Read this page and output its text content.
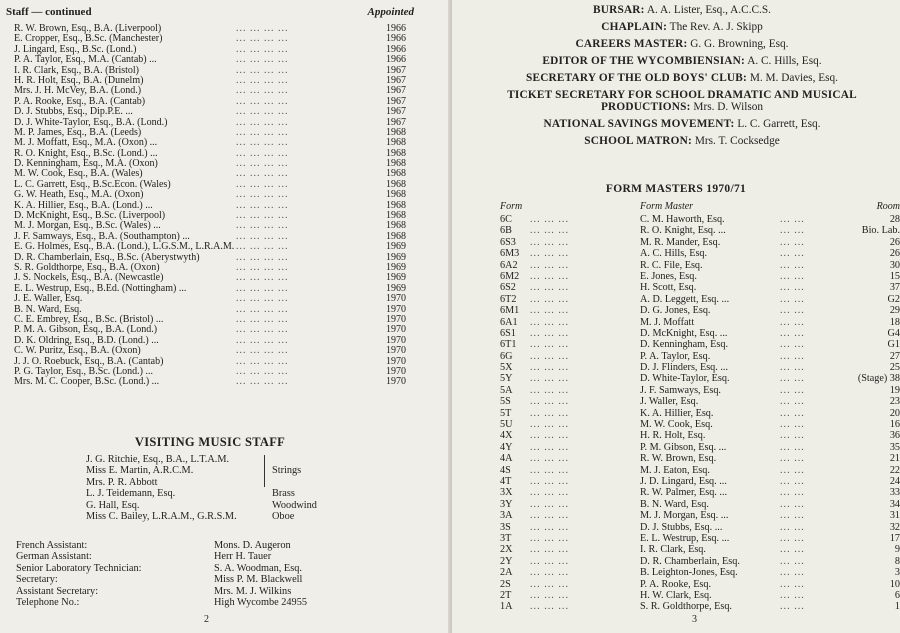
Staff — continued	Appointed
R. W. Brown, Esq., B.A. (Liverpool)	... ... ... ...	1966
E. Cropper, Esq., B.Sc. (Manchester)	... ... ... ...	1966
J. Lingard, Esq., B.Sc. (Lond.)	... ... ... ...	1966
P. A. Taylor, Esq., M.A. (Cantab) ...	... ... ... ...	1966
I. R. Clark, Esq., B.A. (Bristol)	... ... ... ...	1967
H. R. Holt, Esq., B.A. (Dunelm)	... ... ... ...	1967
Mrs. J. H. McVey, B.A. (Lond.)	... ... ... ...	1967
P. A. Rooke, Esq., B.A. (Cantab)	... ... ... ...	1967
D. J. Stubbs, Esq., Dip.P.E. ...	... ... ... ...	1967
D. J. White-Taylor, Esq., B.A. (Lond.)	... ... ... ...	1967
M. P. James, Esq., B.A. (Leeds)	... ... ... ...	1968
M. J. Moffatt, Esq., M.A. (Oxon) ...	... ... ... ...	1968
R. O. Knight, Esq., B.Sc. (Lond.) ...	... ... ... ...	1968
D. Kenningham, Esq., M.A. (Oxon)	... ... ... ...	1968
M. W. Cook, Esq., B.A. (Wales)	... ... ... ...	1968
L. C. Garrett, Esq., B.Sc.Econ. (Wales)	... ... ... ...	1968
G. W. Heath, Esq., M.A. (Oxon)	... ... ... ...	1968
K. A. Hillier, Esq., B.A. (Lond.) ...	... ... ... ...	1968
D. McKnight, Esq., B.Sc. (Liverpool)	... ... ... ...	1968
M. J. Morgan, Esq., B.Sc. (Wales) ...	... ... ... ...	1968
J. F. Samways, Esq., B.A. (Southampton) ...	... ... ... ...	1968
E. G. Holmes, Esq., B.A. (Lond.), L.G.S.M., L.R.A.M. ... ... ... ...	1969
D. R. Chamberlain, Esq., B.Sc. (Aberystwyth)	... ... ... ...	1969
S. R. Goldthorpe, Esq., B.A. (Oxon)	... ... ... ...	1969
J. S. Nockels, Esq., B.A. (Newcastle)	... ... ... ...	1969
E. L. Westrup, Esq., B.Ed. (Nottingham) ...	... ... ... ...	1969
J. E. Waller, Esq.	... ... ... ...	1970
B. N. Ward, Esq.	... ... ... ...	1970
C. E. Embrey, Esq., B.Sc. (Bristol) ...	... ... ... ...	1970
P. M. A. Gibson, Esq., B.A. (Lond.)	... ... ... ...	1970
D. K. Oldring, Esq., B.D. (Lond.) ...	... ... ... ...	1970
C. W. Puritz, Esq., B.A. (Oxon)	... ... ... ...	1970
J. J. O. Roebuck, Esq., B.A. (Cantab)	... ... ... ...	1970
P. G. Taylor, Esq., B.Sc. (Lond.) ...	... ... ... ...	1970
Mrs. M. C. Cooper, B.Sc. (Lond.) ...	... ... ... ...	1970
VISITING MUSIC STAFF
J. G. Ritchie, Esq., B.A., L.T.A.M.
Miss E. Martin, A.R.C.M.	Strings
Mrs. P. R. Abbott
L. J. Teidemann, Esq.	Brass
G. Hall, Esq.	Woodwind
Miss C. Bailey, L.R.A.M., G.R.S.M.	Oboe
French Assistant:	Mons. D. Augeron
German Assistant:	Herr H. Tauer
Senior Laboratory Technician:	S. A. Woodman, Esq.
Secretary:	Miss P. M. Blackwell
Assistant Secretary:	Mrs. M. J. Wilkins
Telephone No.:	High Wycombe 24955
2
BURSAR: A. A. Lister, Esq., A.C.C.S.
CHAPLAIN: The Rev. A. J. Skipp
CAREERS MASTER: G. G. Browning, Esq.
EDITOR OF THE WYCOMBIENSIAN: A. C. Hills, Esq.
SECRETARY OF THE OLD BOYS' CLUB: M. M. Davies, Esq.
TICKET SECRETARY FOR SCHOOL DRAMATIC AND MUSICAL PRODUCTIONS: Mrs. D. Wilson
NATIONAL SAVINGS MOVEMENT: L. C. Garrett, Esq.
SCHOOL MATRON: Mrs. T. Cocksedge
FORM MASTERS 1970/71
Form	Form Master	Room
6C ... ... ...	C. M. Haworth, Esq.	... ...	28
6B ... ... ...	R. O. Knight, Esq. ...	... ...	Bio. Lab.
6S3 ... ... ...	M. R. Mander, Esq.	... ...	26
6M3 ... ... ...	A. C. Hills, Esq.	... ...	26
6A2 ... ... ...	R. C. File, Esq.	... ...	30
6M2 ... ... ...	E. Jones, Esq.	... ...	15
6S2 ... ... ...	H. Scott, Esq.	... ...	37
6T2 ... ... ...	A. D. Leggett, Esq. ...	... ...	G2
6M1 ... ... ...	D. G. Jones, Esq.	... ...	29
6A1 ... ... ...	M. J. Moffatt	... ...	18
6S1 ... ... ...	D. McKnight, Esq. ...	... ...	G4
6T1 ... ... ...	D. Kenningham, Esq.	... ...	G1
6G ... ... ...	P. A. Taylor, Esq.	... ...	27
5X ... ... ...	D. J. Flinders, Esq. ...	... ...	25
5Y ... ... ...	D. White-Taylor, Esq.	... ...	(Stage) 38
5A ... ... ...	J. F. Samways, Esq.	... ...	19
5S ... ... ...	J. Waller, Esq.	... ...	23
5T ... ... ...	K. A. Hillier, Esq.	... ...	20
5U ... ... ...	M. W. Cook, Esq.	... ...	16
4X ... ... ...	H. R. Holt, Esq.	... ...	36
4Y ... ... ...	P. M. Gibson, Esq. ...	... ...	35
4A ... ... ...	R. W. Brown, Esq.	... ...	21
4S ... ... ...	M. J. Eaton, Esq.	... ...	22
4T ... ... ...	J. D. Lingard, Esq. ...	... ...	24
3X ... ... ...	R. W. Palmer, Esq. ...	... ...	33
3Y ... ... ...	B. N. Ward, Esq.	... ...	34
3A ... ... ...	M. J. Morgan, Esq. ...	... ...	31
3S ... ... ...	D. J. Stubbs, Esq. ...	... ...	32
3T ... ... ...	E. L. Westrup, Esq. ...	... ...	17
2X ... ... ...	I. R. Clark, Esq.	... ...	9
2Y ... ... ...	D. R. Chamberlain, Esq.	... ...	8
2A ... ... ...	B. Leighton-Jones, Esq.	... ...	3
2S ... ... ...	P. A. Rooke, Esq.	... ...	10
2T ... ... ...	H. W. Clark, Esq.	... ...	6
1A ... ... ...	S. R. Goldthorpe, Esq.	... ...	1
3
